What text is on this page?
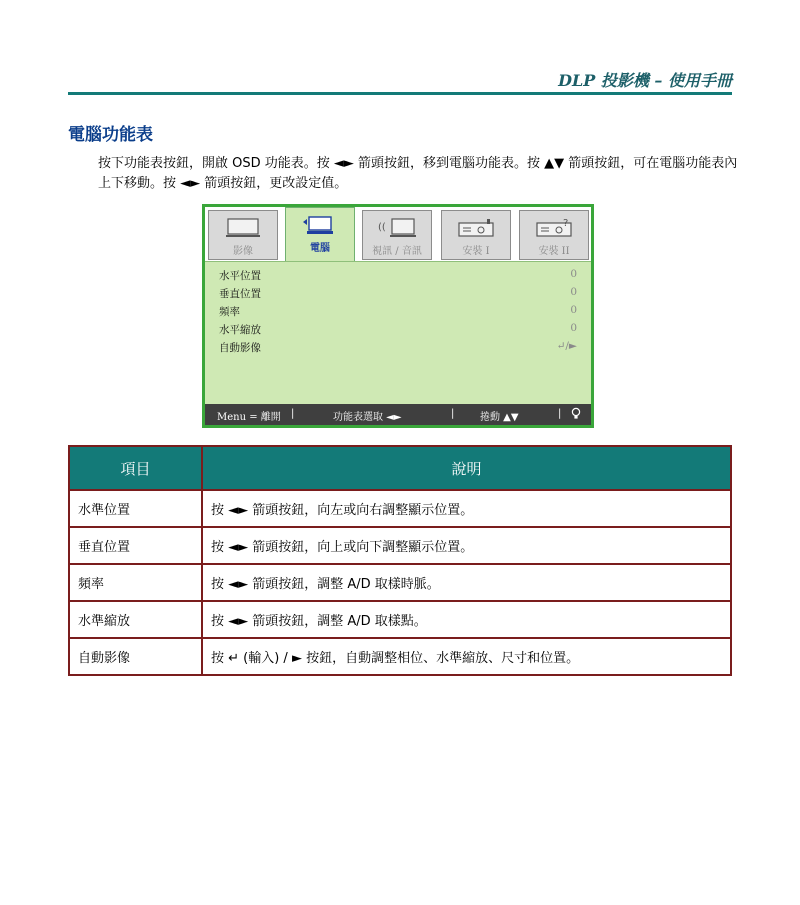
DLP 投影機 – 使用手冊
電腦功能表
按下功能表按鈕，開啟 OSD 功能表。按 ◄► 箭頭按鈕，移到電腦功能表。按 ▲▼ 箭頭按鈕，可在電腦功能表內上下移動。按 ◄► 箭頭按鈕，更改設定值。
影像	電腦
((
視訊 / 音訊	安裝 I
?
安裝 II
水平位置	0
垂直位置	0
頻率	0
水平縮放	0
自動影像	↵/►
Menu = 離開 |	功能表選取 ◄►	|	捲動 ▲▼	|
項目	說明
水準位置	按 ◄► 箭頭按鈕，向左或向右調整顯示位置。
垂直位置	按 ◄► 箭頭按鈕，向上或向下調整顯示位置。
頻率	按 ◄► 箭頭按鈕，調整 A/D 取樣時脈。
水準縮放	按 ◄► 箭頭按鈕，調整 A/D 取樣點。
自動影像	按 ↵ (輸入) / ► 按鈕，自動調整相位、水準縮放、尺寸和位置。
